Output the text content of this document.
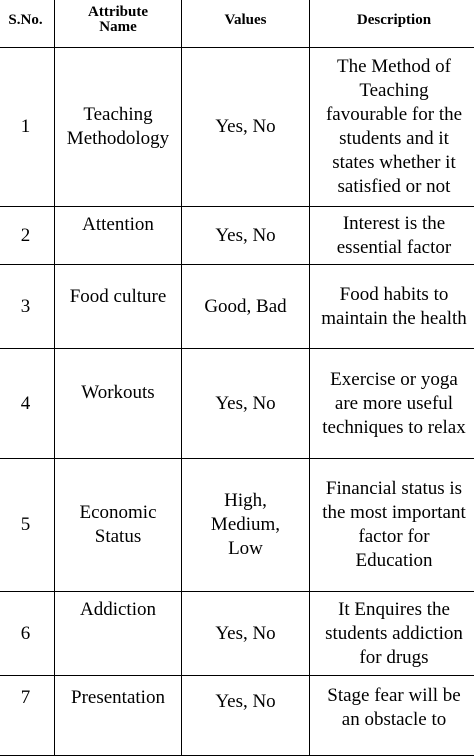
S.No.	Attribute Name	Values	Description
1	Teaching Methodology	Yes, No	The Method of Teaching favourable for the students and it states whether it satisfied or not

2	Attention	Yes, No	Interest is the essential factor

3	Food culture	Good, Bad	Food habits to maintain the health

4	Workouts	Yes, No	Exercise or yoga are more useful techniques to relax

5	Economic Status	High, Medium, Low	Financial status is the most important factor for Education

6	Addiction	Yes, No	It Enquires the students addiction for drugs

7	Presentation	Yes, No	Stage fear will be an obstacle to
